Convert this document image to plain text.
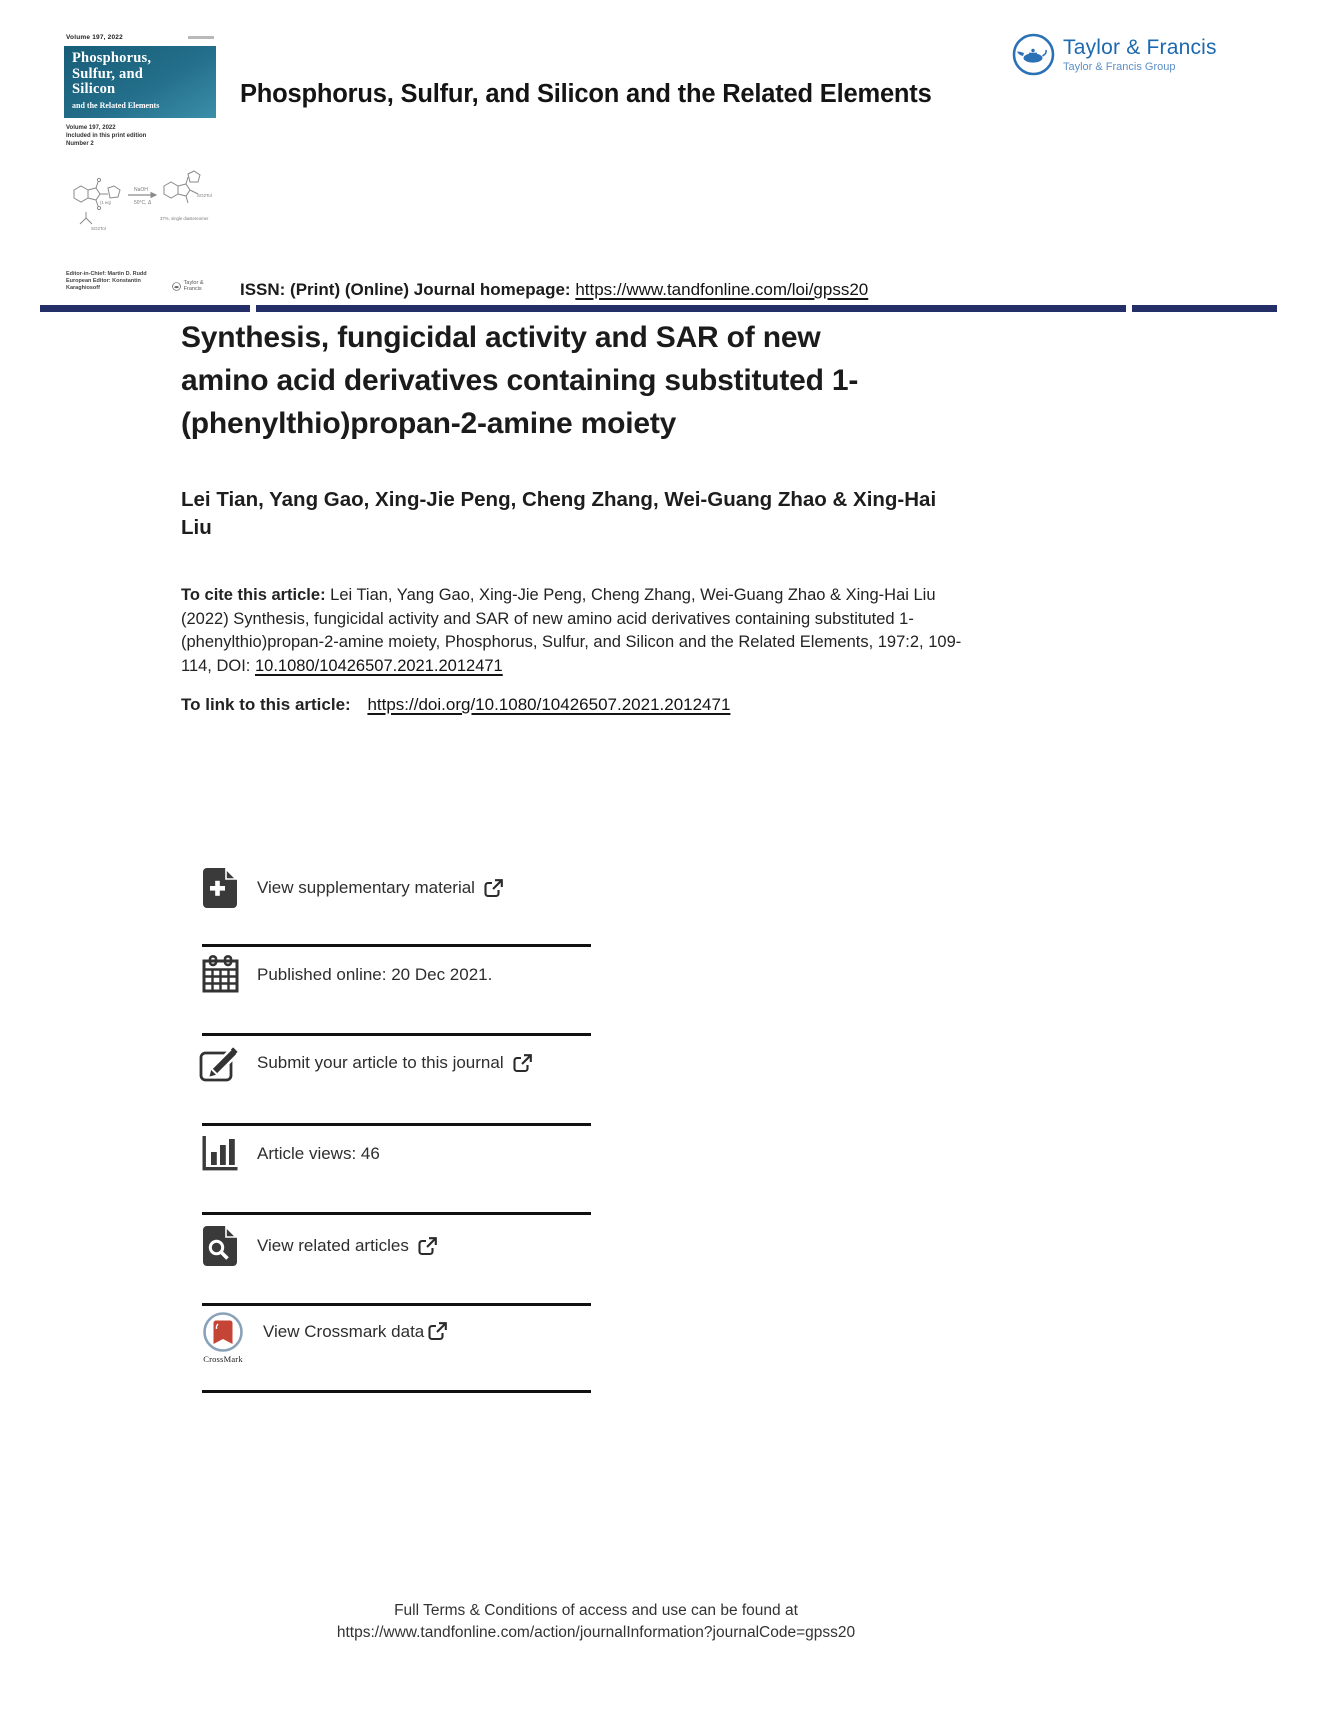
Volume 197, 2022
Phosphorus,
Sulfur, and
Silicon
and the Related Elements
Volume 197, 2022
Included in this print edition
Number 2
(1 eq)
NaOH
50°C, Δ
SO2Tol
SO2Tol
37%, single diastereomer
Editor-in-Chief: Martin D. Rudd
European Editor: Konstantin Karaghiosoff
Taylor & Francis
Phosphorus, Sulfur, and Silicon and the Related Elements
Taylor & Francis
Taylor & Francis Group
ISSN: (Print) (Online) Journal homepage: https://www.tandfonline.com/loi/gpss20
Synthesis, fungicidal activity and SAR of new
amino acid derivatives containing substituted 1-
(phenylthio)propan-2-amine moiety
Lei Tian, Yang Gao, Xing-Jie Peng, Cheng Zhang, Wei-Guang Zhao & Xing-Hai
Liu

To cite this article: Lei Tian, Yang Gao, Xing-Jie Peng, Cheng Zhang, Wei-Guang Zhao & Xing-Hai Liu (2022) Synthesis, fungicidal activity and SAR of new amino acid derivatives containing substituted 1-(phenylthio)propan-2-amine moiety, Phosphorus, Sulfur, and Silicon and the Related Elements, 197:2, 109-114, DOI: 10.1080/10426507.2021.2012471

To link to this article: https://doi.org/10.1080/10426507.2021.2012471
View supplementary material
Published online: 20 Dec 2021.
Submit your article to this journal
Article views: 46
View related articles
CrossMark
View Crossmark data
Full Terms & Conditions of access and use can be found at
https://www.tandfonline.com/action/journalInformation?journalCode=gpss20
